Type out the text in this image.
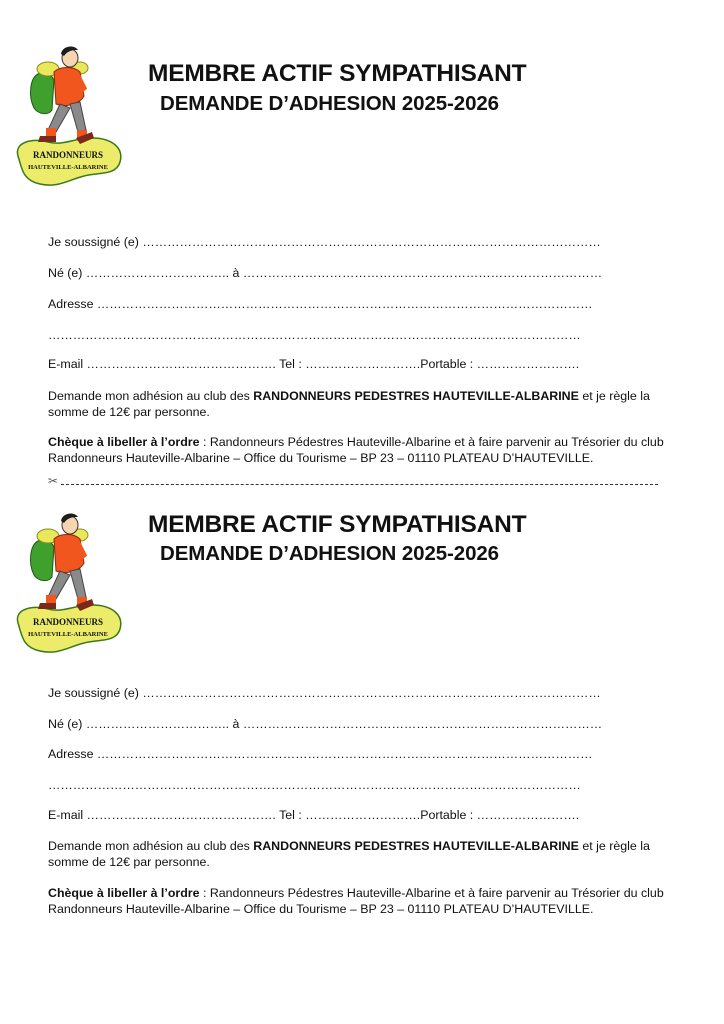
RANDONNEURS
HAUTEVILLE-ALBARINE
MEMBRE ACTIF SYMPATHISANT
DEMANDE D’ADHESION 2025-2026
Je soussigné (e) …………………………………………………………………………………………………
Né (e) …………………………….. à ……………………………………………………………………………
Adresse …………………………………………………………………………………………………………
…………………………………………………………………………………………………………………
E-mail ………………………………………. Tel : ……………………….Portable : …………………….
Demande mon adhésion au club des RANDONNEURS PEDESTRES HAUTEVILLE-ALBARINE et je règle la somme de 12€ par personne.
Chèque à libeller à l’ordre : Randonneurs Pédestres Hauteville-Albarine et à faire parvenir au Trésorier du club Randonneurs Hauteville-Albarine – Office du Tourisme – BP 23 – 01110 PLATEAU D’HAUTEVILLE.
✂
RANDONNEURS
HAUTEVILLE-ALBARINE
MEMBRE ACTIF SYMPATHISANT
DEMANDE D’ADHESION 2025-2026
Je soussigné (e) …………………………………………………………………………………………………
Né (e) …………………………….. à ……………………………………………………………………………
Adresse …………………………………………………………………………………………………………
…………………………………………………………………………………………………………………
E-mail ………………………………………. Tel : ……………………….Portable : …………………….
Demande mon adhésion au club des RANDONNEURS PEDESTRES HAUTEVILLE-ALBARINE et je règle la somme de 12€ par personne.
Chèque à libeller à l’ordre : Randonneurs Pédestres Hauteville-Albarine et à faire parvenir au Trésorier du club Randonneurs Hauteville-Albarine – Office du Tourisme – BP 23 – 01110 PLATEAU D’HAUTEVILLE.
